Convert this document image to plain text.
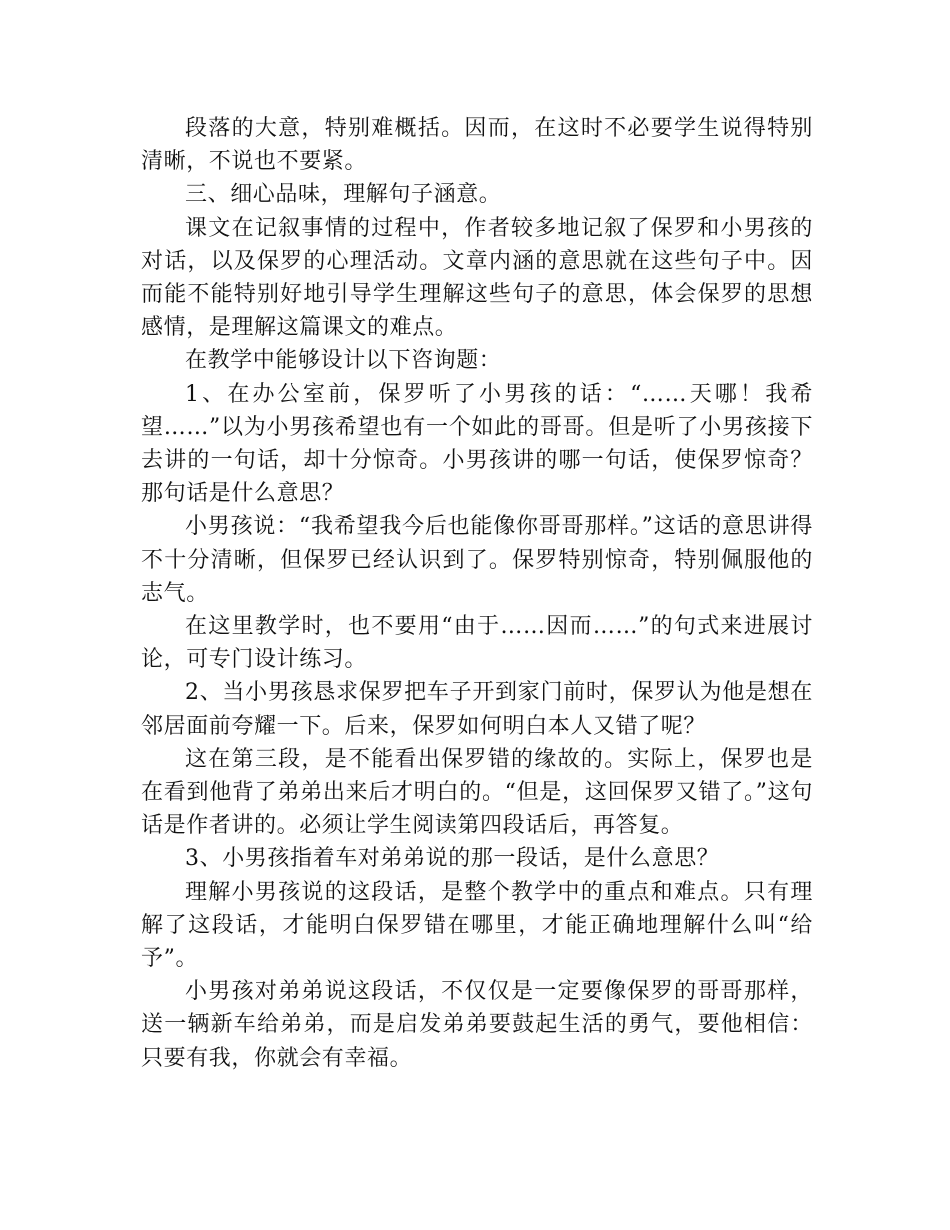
段落的大意，特别难概括。因而，在这时不必要学生说得特别清晰，不说也不要紧。

三、细心品味，理解句子涵意。

课文在记叙事情的过程中，作者较多地记叙了保罗和小男孩的对话，以及保罗的心理活动。文章内涵的意思就在这些句子中。因而能不能特别好地引导学生理解这些句子的意思，体会保罗的思想感情，是理解这篇课文的难点。

在教学中能够设计以下咨询题：

1、在办公室前，保罗听了小男孩的话：“……天哪！我希望……”以为小男孩希望也有一个如此的哥哥。但是听了小男孩接下去讲的一句话，却十分惊奇。小男孩讲的哪一句话，使保罗惊奇？那句话是什么意思？

小男孩说：“我希望我今后也能像你哥哥那样。”这话的意思讲得不十分清晰，但保罗已经认识到了。保罗特别惊奇，特别佩服他的志气。

在这里教学时，也不要用“由于……因而……”的句式来进展讨论，可专门设计练习。

2、当小男孩恳求保罗把车子开到家门前时，保罗认为他是想在邻居面前夸耀一下。后来，保罗如何明白本人又错了呢？

这在第三段，是不能看出保罗错的缘故的。实际上，保罗也是在看到他背了弟弟出来后才明白的。“但是，这回保罗又错了。”这句话是作者讲的。必须让学生阅读第四段话后，再答复。

3、小男孩指着车对弟弟说的那一段话，是什么意思？

理解小男孩说的这段话，是整个教学中的重点和难点。只有理解了这段话，才能明白保罗错在哪里，才能正确地理解什么叫“给予”。

小男孩对弟弟说这段话，不仅仅是一定要像保罗的哥哥那样，送一辆新车给弟弟，而是启发弟弟要鼓起生活的勇气，要他相信：只要有我，你就会有幸福。
